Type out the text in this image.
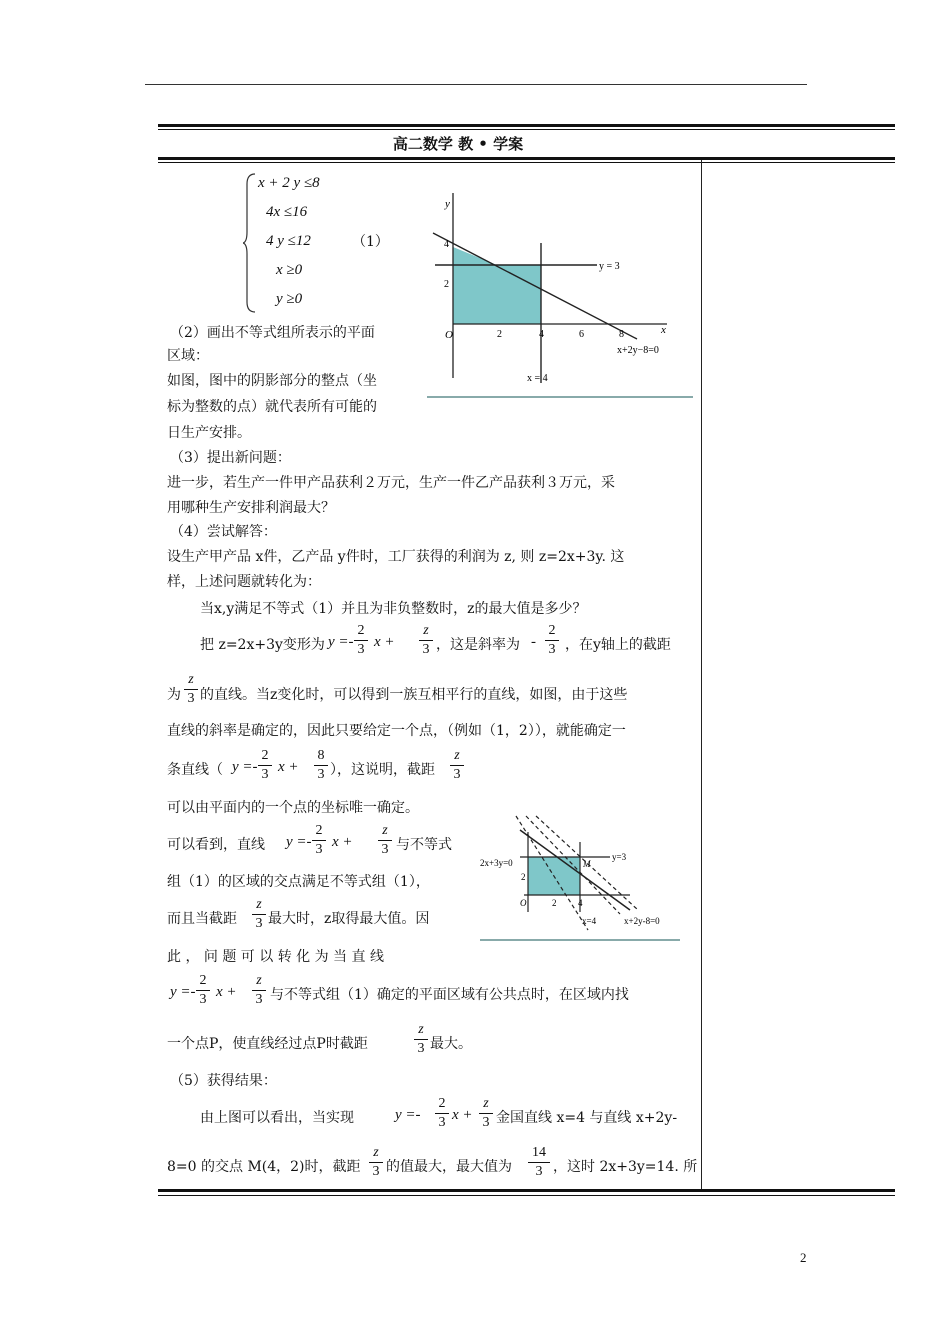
高二数学 教 • 学案
x + 2 y ≤8
4x ≤16
4 y ≤12
x ≥0
y ≥0
（1）
y
x
O	2	4	6	8
2
4
y = 3
x+2y−8=0
x = 4
（2）画出不等式组所表示的平面
区域：
如图，图中的阴影部分的整点（坐
标为整数的点）就代表所有可能的
日生产安排。
（3）提出新问题：
进一步，若生产一件甲产品获利２万元，生产一件乙产品获利３万元，采
用哪种生产安排利润最大？
（4）尝试解答：
设生产甲产品 x件，乙产品 y件时，工厂获得的利润为 z, 则 z=2x+3y. 这
样，上述问题就转化为：
当x,y满足不等式（1）并且为非负整数时，z的最大值是多少？
把 z=2x+3y变形为 y =-
2
3 x +
z
3 ，这是斜率为 -
2
3 ，在y轴上的截距
为
z
3 的直线。当z变化时，可以得到一族互相平行的直线，如图，由于这些
直线的斜率是确定的，因此只要给定一个点，（例如（1，2）），就能确定一
条直线（ y =-
2
3 x +
8
3 ），这说明，截距
z
3
可以由平面内的一个点的坐标唯一确定。
可以看到，直线 y =-
2
3 x +
z
3 与不等式
组（1）的区域的交点满足不等式组（1），
而且当截距
z
3 最大时，z取得最大值。因
此 ， 问 题 可 以 转 化 为 当 直 线
y =-
2
3 x +
z
3 与不等式组（1）确定的平面区域有公共点时，在区域内找
一个点P，使直线经过点P时截距
z
3 最大。
y=3
2x+3y=0	M
O	2 4
2
x=4	x+2y-8=0
（5）获得结果：
由上图可以看出，当实现	y =-
2
3 x +
z
3 金国直线 x=4 与直线 x+2y-
8=0 的交点 M(4，2)时，截距
z
3 的值最大，最大值为
14
3 ，这时 2x+3y=14. 所
2
